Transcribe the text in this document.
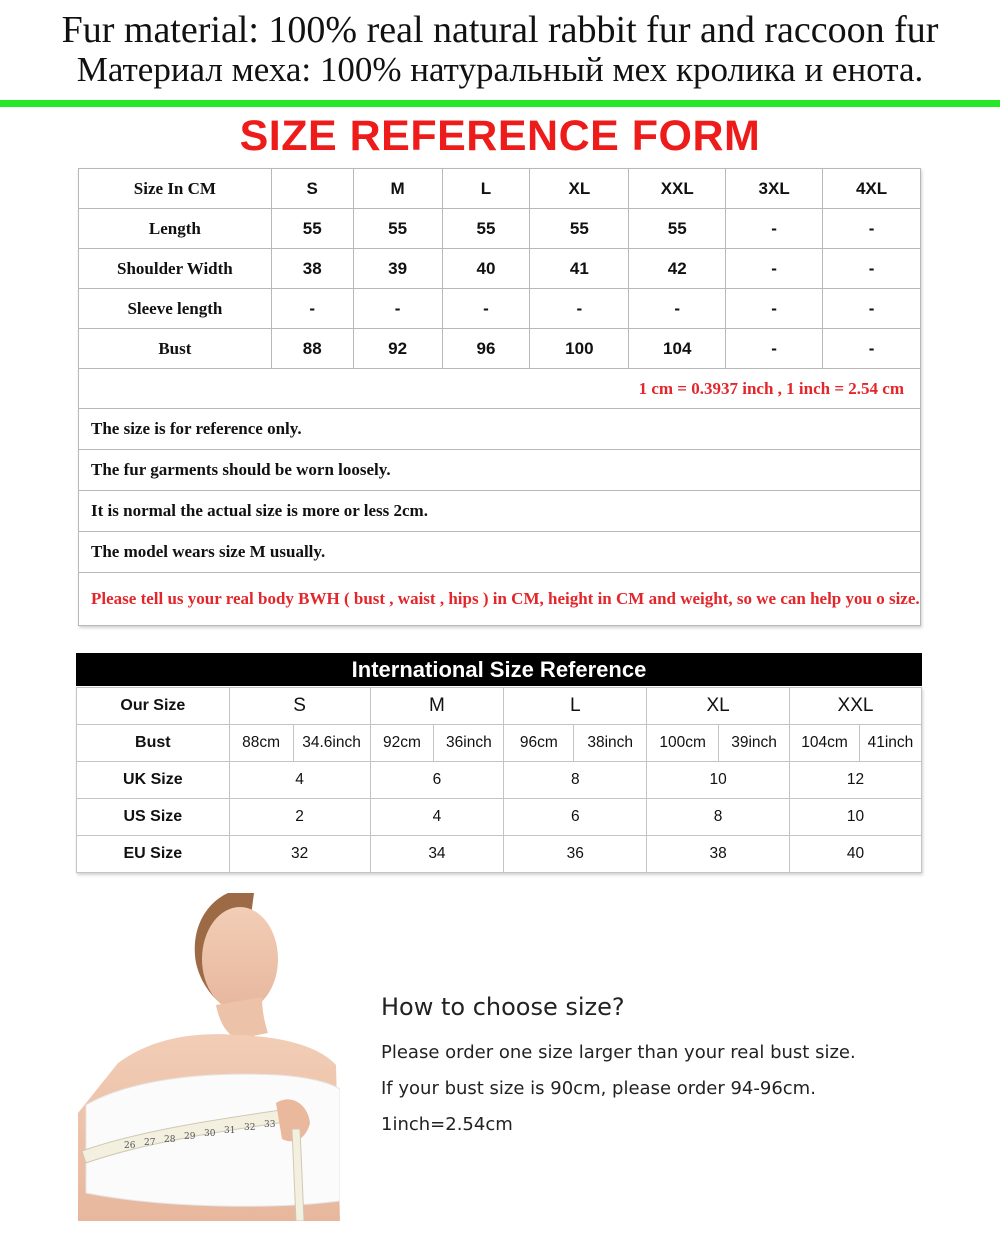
Fur material: 100% real natural rabbit fur and raccoon fur
Материал меха: 100% натуральный мех кролика и енота.
SIZE REFERENCE FORM
Size In CM	S	M	L	XL	XXL	3XL	4XL
Length	55	55	55	55	55	-	-
Shoulder Width	38	39	40	41	42	-	-
Sleeve length	-	-	-	-	-	-	-
Bust	88	92	96	100	104	-	-
1 cm = 0.3937 inch , 1 inch = 2.54 cm							
The size is for reference only.							
The fur garments should be worn loosely.							
It is normal the actual size is more or less 2cm.							
The model wears size M usually.							
Please tell us your real body BWH ( bust , waist , hips ) in CM, height in CM and weight, so we can help you o size.							
International Size Reference
Our Size	S		M		L		XL		XXL	
Bust	88cm	34.6inch	92cm	36inch	96cm	38inch	100cm	39inch	104cm	41inch
UK Size	4		6		8		10		12	
US Size	2		4		6		8		10	
EU Size	32		34		36		38		40	
26 27 28 29 30 31 32 33
How to choose size?
Please order one size larger than your real bust size.
If your bust size is 90cm, please order 94-96cm.
1inch=2.54cm
